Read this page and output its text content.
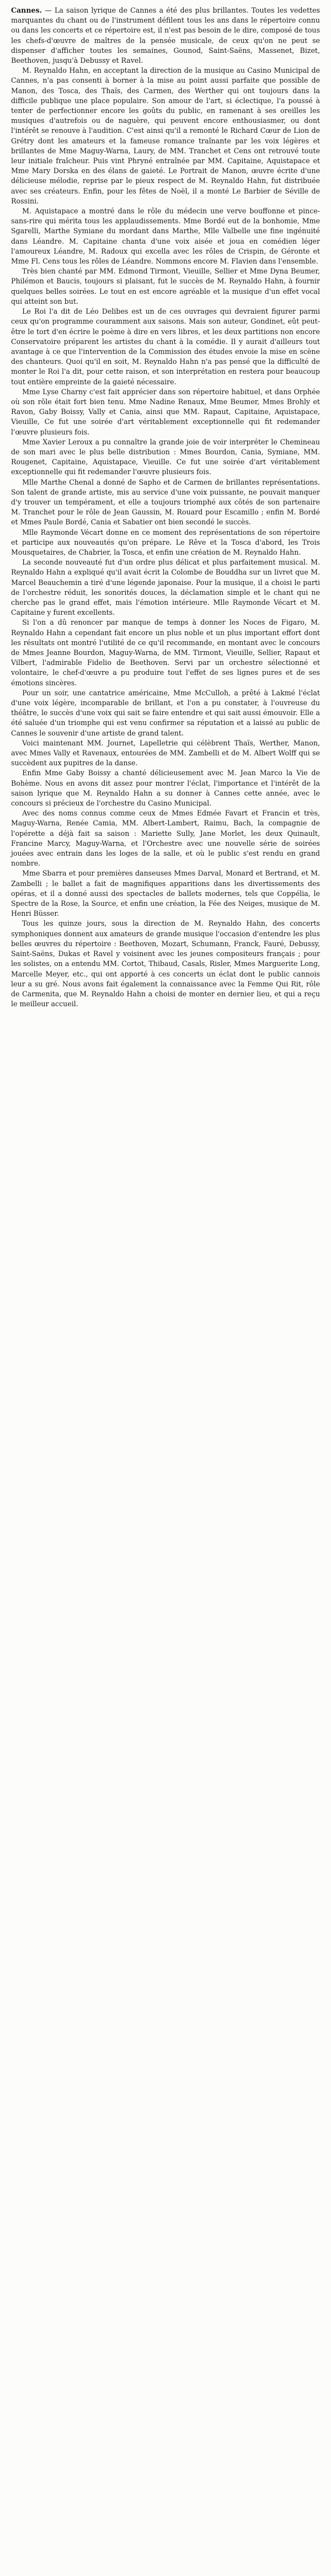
Cannes. — La saison lyrique de Cannes a été des plus brillantes. Toutes les vedettes marquantes du chant ou de l'instrument défilent tous les ans dans le répertoire connu ou dans les concerts et ce répertoire est, il n'est pas besoin de le dire, composé de tous les chefs-d'œuvre de maîtres de la pensée musicale, de ceux qu'on ne peut se dispenser d'afficher toutes les semaines, Gounod, Saint-Saëns, Massenet, Bizet, Beethoven, jusqu'à Debussy et Ravel.

M. Reynaldo Hahn, en acceptant la direction de la musique au Casino Municipal de Cannes, n'a pas consenti à borner à la mise au point aussi parfaite que possible de Manon, des Tosca, des Thaïs, des Carmen, des Werther qui ont toujours dans la difficile publique une place populaire. Son amour de l'art, si éclectique, l'a poussé à tenter de perfectionner encore les goûts du public, en ramenant à ses oreilles les musiques d'autrefois ou de naguère, qui peuvent encore enthousiasmer, ou dont l'intérêt se renouve à l'audition. C'est ainsi qu'il a remonté le Richard Cœur de Lion de Grétry dont les amateurs et la fameuse romance traînante par les voix légères et brillantes de Mme Maguy-Warna, Laury, de MM. Tranchet et Cens ont retrouvé toute leur initiale fraîcheur. Puis vint Phryné entraînée par MM. Capitaine, Aquistapace et Mme Mary Dorska en des élans de gaieté. Le Portrait de Manon, œuvre écrite d'une délicieuse mélodie, reprise par le pieux respect de M. Reynaldo Hahn, fut distribuée avec ses créateurs. Enfin, pour les fêtes de Noël, il a monté Le Barbier de Séville de Rossini.

M. Aquistapace a montré dans le rôle du médecin une verve bouffonne et pince-sans-rire qui mérita tous les applaudissements. Mme Bordé eut de la bonhomie, Mme Sgarelli, Marthe Symiane du mordant dans Marthe, Mlle Valbelle une fine ingénuité dans Léandre. M. Capitaine chanta d'une voix aisée et joua en comédien léger l'amoureux Léandre, M. Radoux qui excella avec les rôles de Crispin, de Géronte et Mme Fl. Cens tous les rôles de Léandre. Nommons encore M. Flavien dans l'ensemble.

Très bien chanté par MM. Edmond Tirmont, Vieuille, Sellier et Mme Dyna Beumer, Philémon et Baucis, toujours si plaisant, fut le succès de M. Reynaldo Hahn, à fournir quelques belles soirées. Le tout en est encore agréable et la musique d'un effet vocal qui atteint son but.

Le Roi l'a dit de Léo Delibes est un de ces ouvrages qui devraient figurer parmi ceux qu'on programme couramment aux saisons. Mais son auteur, Gondinet, eût peut-être le tort d'en écrire le poème à dire en vers libres, et les deux partitions non encore Conservatoire préparent les artistes du chant à la comédie. Il y aurait d'ailleurs tout avantage à ce que l'intervention de la Commission des études envoie la mise en scène des chanteurs. Quoi qu'il en soit, M. Reynaldo Hahn n'a pas pensé que la difficulté de monter le Roi l'a dit, pour cette raison, et son interprétation en restera pour beaucoup tout entière empreinte de la gaieté nécessaire.

Mme Lyse Charny c'est fait apprécier dans son répertoire habituel, et dans Orphée où son rôle était fort bien tenu. Mme Nadine Renaux, Mme Beumer, Mmes Brohly et Ravon, Gaby Boissy, Vally et Cania, ainsi que MM. Rapaut, Capitaine, Aquistapace, Vieuille, Ce fut une soirée d'art véritablement exceptionnelle qui fit redemander l'œuvre plusieurs fois.

Mme Xavier Leroux a pu connaître la grande joie de voir interpréter le Chemineau de son mari avec le plus belle distribution : Mmes Bourdon, Cania, Symiane, MM. Rougenet, Capitaine, Aquistapace, Vieuille. Ce fut une soirée d'art véritablement exceptionnelle qui fit redemander l'œuvre plusieurs fois.

Mlle Marthe Chenal a donné de Sapho et de Carmen de brillantes représentations. Son talent de grande artiste, mis au service d'une voix puissante, ne pouvait manquer d'y trouver un tempérament, et elle a toujours triomphé aux côtés de son partenaire M. Tranchet pour le rôle de Jean Gaussin, M. Rouard pour Escamillo ; enfin M. Bordé et Mmes Paule Bordé, Cania et Sabatier ont bien secondé le succès.

Mlle Raymonde Vécart donne en ce moment des représentations de son répertoire et participe aux nouveautés qu'on prépare. Le Rêve et la Tosca d'abord, les Trois Mousquetaires, de Chabrier, la Tosca, et enfin une création de M. Reynaldo Hahn.

La seconde nouveauté fut d'un ordre plus délicat et plus parfaitement musical. M. Reynaldo Hahn a expliqué qu'il avait écrit la Colombe de Bouddha sur un livret que M. Marcel Beauchemin a tiré d'une légende japonaise. Pour la musique, il a choisi le parti de l'orchestre réduit, les sonorités douces, la déclamation simple et le chant qui ne cherche pas le grand effet, mais l'émotion intérieure. Mlle Raymonde Vécart et M. Capitaine y furent excellents.

Si l'on a dû renoncer par manque de temps à donner les Noces de Figaro, M. Reynaldo Hahn a cependant fait encore un plus noble et un plus important effort dont les résultats ont montré l'utilité de ce qu'il recommande, en montant avec le concours de Mmes Jeanne Bourdon, Maguy-Warna, de MM. Tirmont, Vieuille, Sellier, Rapaut et Vilbert, l'admirable Fidelio de Beethoven. Servi par un orchestre sélectionné et volontaire, le chef-d'œuvre a pu produire tout l'effet de ses lignes pures et de ses émotions sincères.

Pour un soir, une cantatrice américaine, Mme McCulloh, a prêté à Lakmé l'éclat d'une voix légère, incomparable de brillant, et l'on a pu constater, à l'ouvreuse du théâtre, le succès d'une voix qui sait se faire entendre et qui sait aussi émouvoir. Elle a été saluée d'un triomphe qui est venu confirmer sa réputation et a laissé au public de Cannes le souvenir d'une artiste de grand talent.

Voici maintenant MM. Journet, Lapelletrie qui célèbrent Thaïs, Werther, Manon, avec Mmes Vally et Ravenaux, entourées de MM. Zambelli et de M. Albert Wolff qui se succèdent aux pupitres de la danse.

Enfin Mme Gaby Boissy a chanté délicieusement avec M. Jean Marco la Vie de Bohème. Nous en avons dit assez pour montrer l'éclat, l'importance et l'intérêt de la saison lyrique que M. Reynaldo Hahn a su donner à Cannes cette année, avec le concours si précieux de l'orchestre du Casino Municipal.

Avec des noms connus comme ceux de Mmes Edmée Favart et Francin et très, Maguy-Warna, Renée Camia, MM. Albert-Lambert, Raimu, Bach, la compagnie de l'opérette a déjà fait sa saison : Mariette Sully, Jane Morlet, les deux Quinault, Francine Marcy, Maguy-Warna, et l'Orchestre avec une nouvelle série de soirées jouées avec entrain dans les loges de la salle, et où le public s'est rendu en grand nombre.

Mme Sbarra et pour premières danseuses Mmes Darval, Monard et Bertrand, et M. Zambelli ; le ballet a fait de magnifiques apparitions dans les divertissements des opéras, et il a donné aussi des spectacles de ballets modernes, tels que Coppélia, le Spectre de la Rose, la Source, et enfin une création, la Fée des Neiges, musique de M. Henri Büsser.

Tous les quinze jours, sous la direction de M. Reynaldo Hahn, des concerts symphoniques donnent aux amateurs de grande musique l'occasion d'entendre les plus belles œuvres du répertoire : Beethoven, Mozart, Schumann, Franck, Fauré, Debussy, Saint-Saëns, Dukas et Ravel y voisinent avec les jeunes compositeurs français ; pour les solistes, on a entendu MM. Cortot, Thibaud, Casals, Risler, Mmes Marguerite Long, Marcelle Meyer, etc., qui ont apporté à ces concerts un éclat dont le public cannois leur a su gré. Nous avons fait également la connaissance avec la Femme Qui Rit, rôle de Carmenita, que M. Reynaldo Hahn a choisi de monter en dernier lieu, et qui a reçu le meilleur accueil.
